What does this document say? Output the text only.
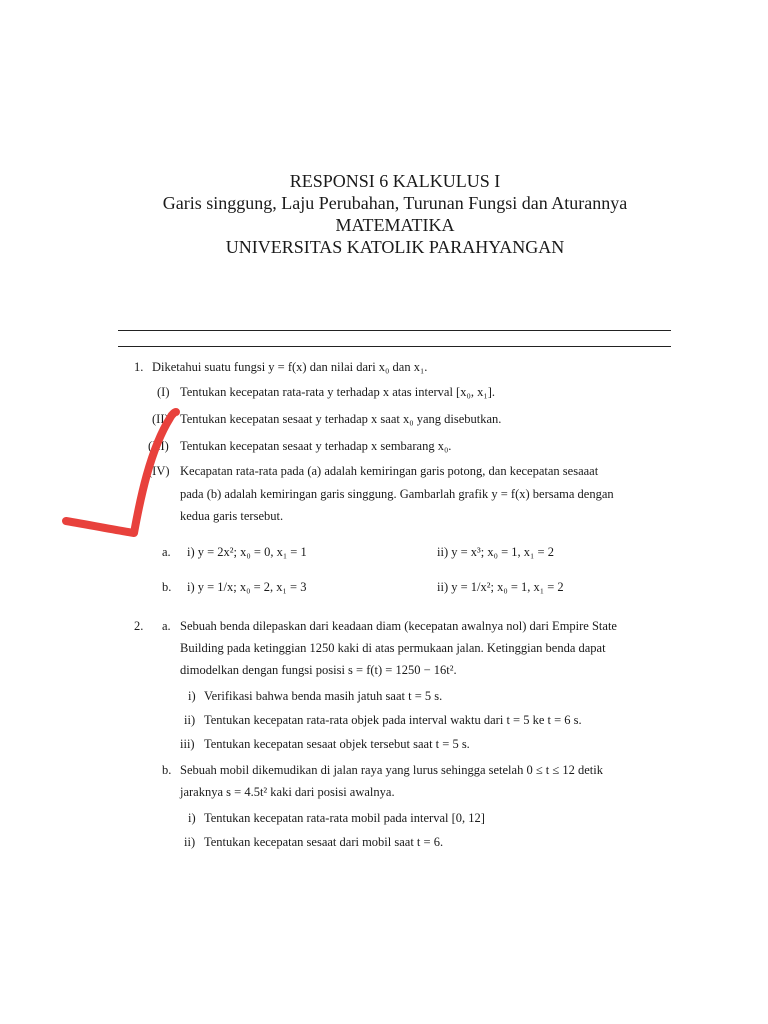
RESPONSI 6 KALKULUS I
Garis singgung, Laju Perubahan, Turunan Fungsi dan Aturannya
MATEMATIKA
UNIVERSITAS KATOLIK PARAHYANGAN
1. Diketahui suatu fungsi y = f(x) dan nilai dari x₀ dan x₁.
(I) Tentukan kecepatan rata-rata y terhadap x atas interval [x₀, x₁].
(II) Tentukan kecepatan sesaat y terhadap x saat x₀ yang disebutkan.
(III) Tentukan kecepatan sesaat y terhadap x sembarang x₀.
(IV) Kecapatan rata-rata pada (a) adalah kemiringan garis potong, dan kecepatan sesaaat
pada (b) adalah kemiringan garis singgung. Gambarlah grafik y = f(x) bersama dengan
kedua garis tersebut.
a. i) y = 2x²; x₀ = 0, x₁ = 1	ii) y = x³; x₀ = 1, x₁ = 2
b. i) y = 1/x; x₀ = 2, x₁ = 3	ii) y = 1/x²; x₀ = 1, x₁ = 2
2. a. Sebuah benda dilepaskan dari keadaan diam (kecepatan awalnya nol) dari Empire State
Building pada ketinggian 1250 kaki di atas permukaan jalan. Ketinggian benda dapat
dimodelkan dengan fungsi posisi s = f(t) = 1250 − 16t².
i) Verifikasi bahwa benda masih jatuh saat t = 5 s.
ii) Tentukan kecepatan rata-rata objek pada interval waktu dari t = 5 ke t = 6 s.
iii) Tentukan kecepatan sesaat objek tersebut saat t = 5 s.
b. Sebuah mobil dikemudikan di jalan raya yang lurus sehingga setelah 0 ≤ t ≤ 12 detik
jaraknya s = 4.5t² kaki dari posisi awalnya.
i) Tentukan kecepatan rata-rata mobil pada interval [0, 12]
ii) Tentukan kecepatan sesaat dari mobil saat t = 6.
